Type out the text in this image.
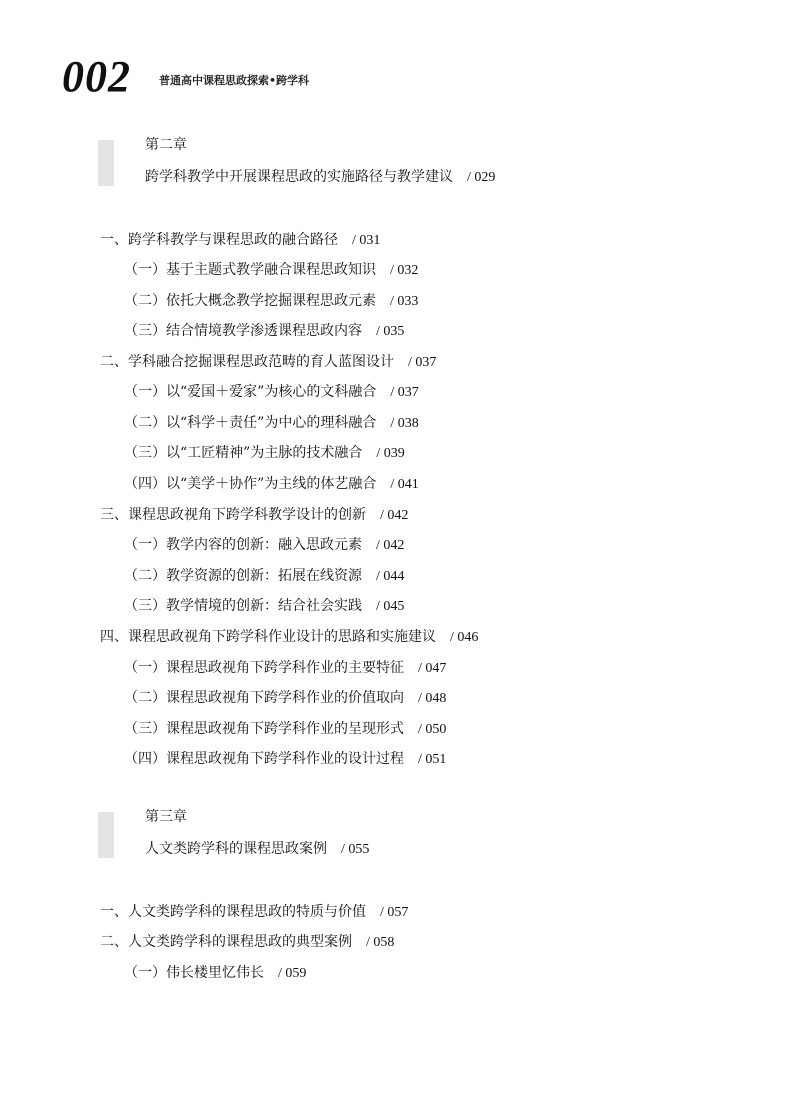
002	普通高中课程思政探索•跨学科
第二章
跨学科教学中开展课程思政的实施路径与教学建议 / 029
一、跨学科教学与课程思政的融合路径 / 031
（一）基于主题式教学融合课程思政知识 / 032
（二）依托大概念教学挖掘课程思政元素 / 033
（三）结合情境教学渗透课程思政内容 / 035
二、学科融合挖掘课程思政范畴的育人蓝图设计 / 037
（一）以“爱国＋爱家”为核心的文科融合 / 037
（二）以“科学＋责任”为中心的理科融合 / 038
（三）以“工匠精神”为主脉的技术融合 / 039
（四）以“美学＋协作”为主线的体艺融合 / 041
三、课程思政视角下跨学科教学设计的创新 / 042
（一）教学内容的创新：融入思政元素 / 042
（二）教学资源的创新：拓展在线资源 / 044
（三）教学情境的创新：结合社会实践 / 045
四、课程思政视角下跨学科作业设计的思路和实施建议 / 046
（一）课程思政视角下跨学科作业的主要特征 / 047
（二）课程思政视角下跨学科作业的价值取向 / 048
（三）课程思政视角下跨学科作业的呈现形式 / 050
（四）课程思政视角下跨学科作业的设计过程 / 051
第三章
人文类跨学科的课程思政案例 / 055
一、人文类跨学科的课程思政的特质与价值 / 057
二、人文类跨学科的课程思政的典型案例 / 058
（一）伟长楼里忆伟长 / 059
